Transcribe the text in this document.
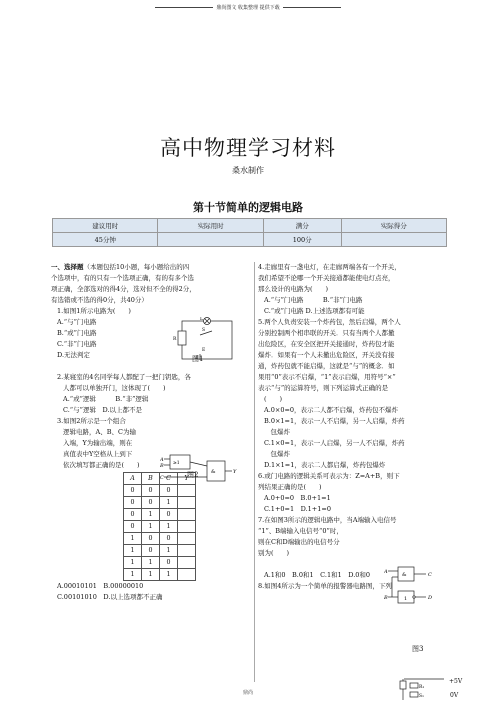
鼎尚图文 收集整理 提供下载
高中物理学习材料
桑水制作
第十节简单的逻辑电路
建议用时	实际用时	满分	实际得分
45分钟		100分	

一、选择题（本题包括10小题，每小题给出的四

个选项中，有的只有一个选项正确，有的有多个选

项正确，全部选对的得4分，选对但不全的得2分，

有选错或不选的得0分，共40分）

1.如图1所示电路为(　　)

A.“与”门电路

B.“或”门电路

C.“非”门电路

D.无法判定

2.某寝室的4名同学每人都配了一把门钥匙，各

人都可以单独开门，这体现了(　　)

A.“或”逻辑　　　B.“非”逻辑

C.“与”逻辑　D.以上都不是

3.如图2所示是一个组合

逻辑电路，A、B、C为输

入端，Y为输出端，则在

真值表中Y空格从上到下

依次填写都正确的是(　　)

A	B	C	Y
0	0	0	
0	0	1	
0	1	0	
0	1	1	
1	0	0	
1	0	1	
1	1	0	
1	1	1	

A.00010101　B.00000010

C.00101010　D.以上选项都不正确

L
S
R
E
图1
≥1
&
A
B
C
Y
图2

4.走廊里有一盏电灯，在走廊两端各有一个开关，

我们希望不论哪一个开关接通都能使电灯点亮，

那么设计的电路为(　　)

A.“与”门电路　　　B.“非”门电路

C.“或”门电路 D.上述选项都有可能

5.两个人负责安装一个炸药包，然后启爆，两个人

分别控制两个相串联的开关．只有当两个人都撤

出危险区，在安全区把开关接通时，炸药包才能

爆炸．如果有一个人未撤出危险区，开关没有接

通，炸药包就不能启爆，这就是“与”的概念．如

果用“0”表示不启爆，“1”表示启爆，用符号“×”

表示“与”的运算符号，则下列运算式正确的是

(　　)

A.0×0=0，表示二人都不启爆，炸药包不爆炸

B.0×1=1，表示一人不启爆，另一人启爆，炸药

　包爆炸

C.1×0=1，表示一人启爆，另一人不启爆，炸药

　包爆炸

D.1×1=1，表示二人都启爆，炸药包爆炸

6.或门电路的逻辑关系可表示为：Z=A+B，则下

列结果正确的是(　　)

A.0+0=0　B.0+1=1

C.1+0=1　D.1+1=0

7.在如图3所示的逻辑电路中，当A端输入电信号

“1”、B端输入电信号“0”时，

则在C和D端输出的电信号分

别为(　　)

A.1和0　B.0和1　C.1和1　D.0和0

8.如图4所示为一个简单的报警器电路图，下列

&
1
A
B
C
D
图3
R₁
S₁
+5V
0V
鼎尚
